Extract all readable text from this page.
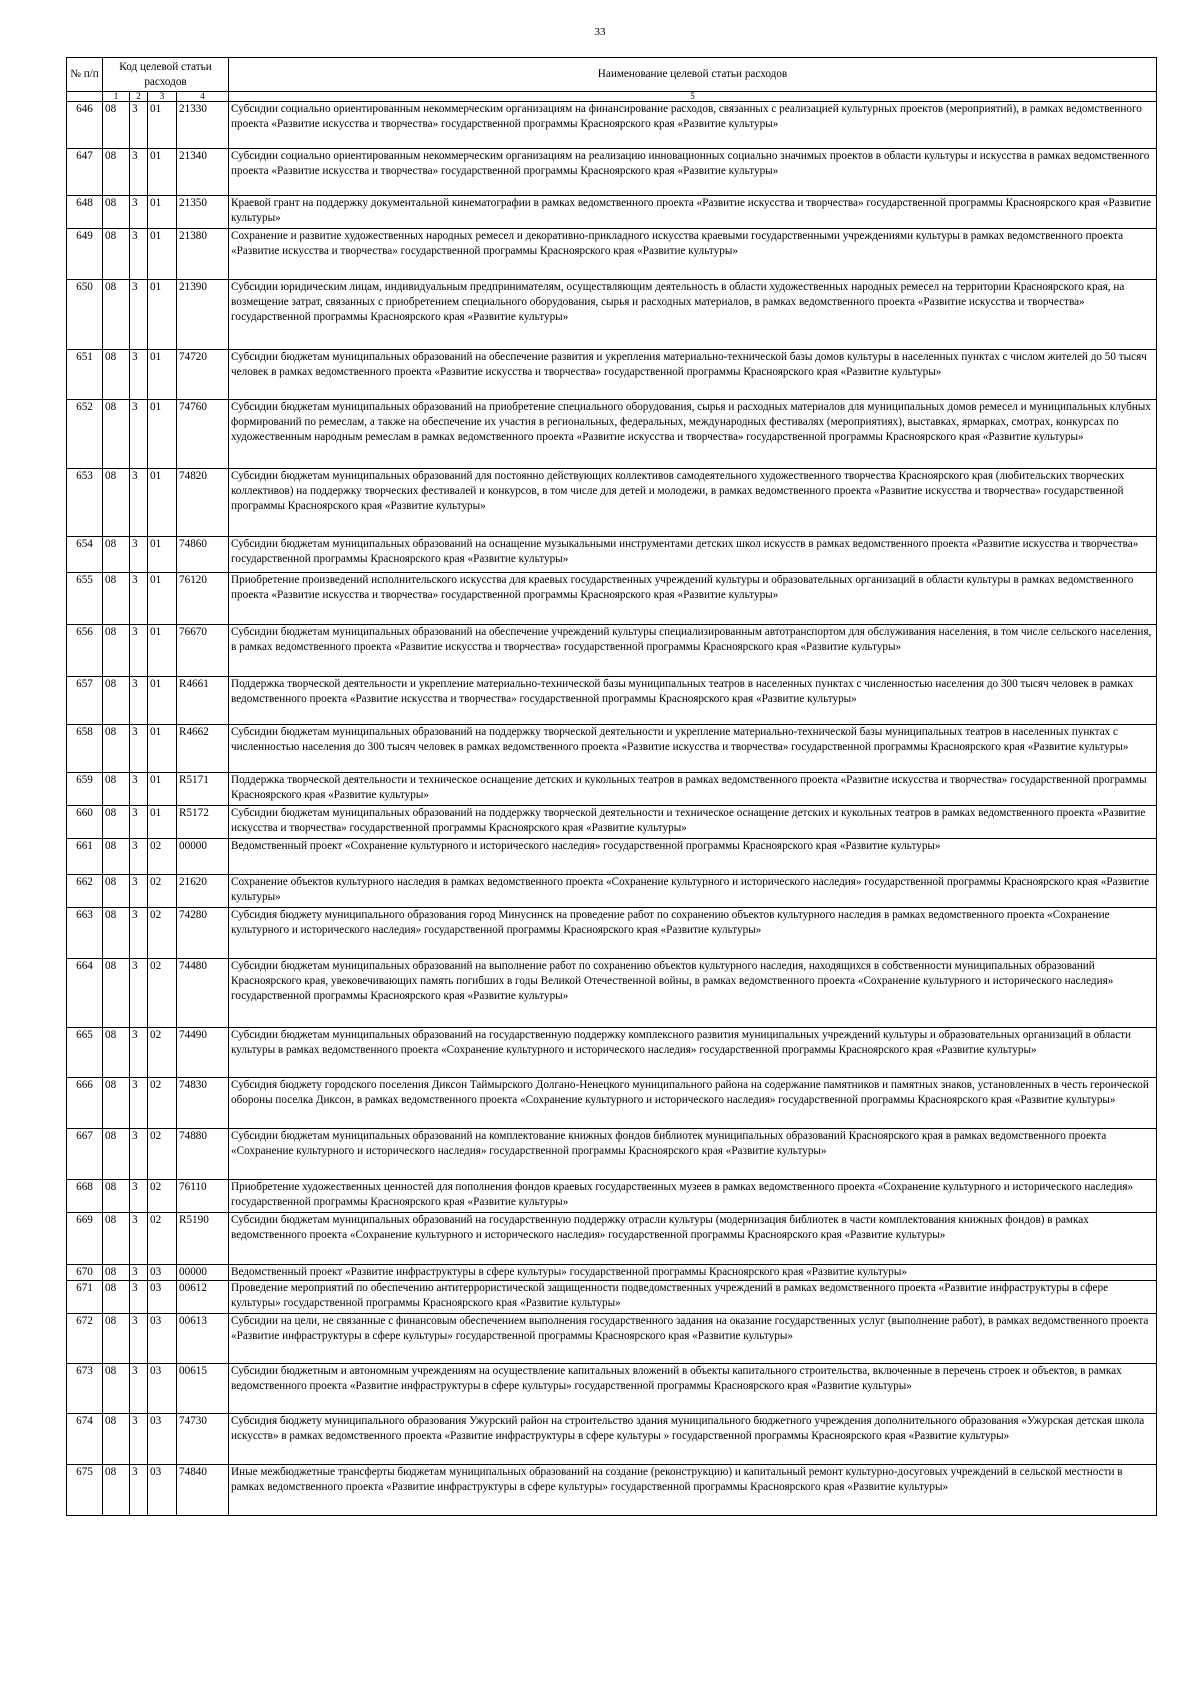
33
№ п/п	Код целевой статьи расходов				Наименование целевой статьи расходов

	1	2	3	4	5
646	08	3	01	21330	Субсидии социально ориентированным некоммерческим организациям на финансирование расходов, связанных с реализацией культурных проектов (мероприятий), в рамках ведомственного проекта «Развитие искусства и творчества» государственной программы Красноярского края «Развитие культуры»
647	08	3	01	21340	Субсидии социально ориентированным некоммерческим организациям на реализацию инновационных социально значимых проектов в области культуры и искусства в рамках ведомственного проекта «Развитие искусства и творчества» государственной программы Красноярского края «Развитие культуры»
648	08	3	01	21350	Краевой грант на поддержку документальной кинематографии в рамках ведомственного проекта «Развитие искусства и творчества» государственной программы Красноярского края «Развитие культуры»
649	08	3	01	21380	Сохранение и развитие художественных народных ремесел и декоративно-прикладного искусства краевыми государственными учреждениями культуры в рамках ведомственного проекта «Развитие искусства и творчества» государственной программы Красноярского края «Развитие культуры»
650	08	3	01	21390	Субсидии юридическим лицам, индивидуальным предпринимателям, осуществляющим деятельность в области художественных народных ремесел на территории Красноярского края, на возмещение затрат, связанных с приобретением специального оборудования, сырья и расходных материалов, в рамках ведомственного проекта «Развитие искусства и творчества» государственной программы Красноярского края «Развитие культуры»
651	08	3	01	74720	Субсидии бюджетам муниципальных образований на обеспечение развития и укрепления материально-технической базы домов культуры в населенных пунктах с числом жителей до 50 тысяч человек в рамках ведомственного проекта «Развитие искусства и творчества» государственной программы Красноярского края «Развитие культуры»
652	08	3	01	74760	Субсидии бюджетам муниципальных образований на приобретение специального оборудования, сырья и расходных материалов для муниципальных домов ремесел и муниципальных клубных формирований по ремеслам, а также на обеспечение их участия в региональных, федеральных, международных фестивалях (мероприятиях), выставках, ярмарках, смотрах, конкурсах по художественным народным ремеслам в рамках ведомственного проекта «Развитие искусства и творчества» государственной программы Красноярского края «Развитие культуры»
653	08	3	01	74820	Субсидии бюджетам муниципальных образований для постоянно действующих коллективов самодеятельного художественного творчества Красноярского края (любительских творческих коллективов) на поддержку творческих фестивалей и конкурсов, в том числе для детей и молодежи, в рамках ведомственного проекта «Развитие искусства и творчества» государственной программы Красноярского края «Развитие культуры»
654	08	3	01	74860	Субсидии бюджетам муниципальных образований на оснащение музыкальными инструментами детских школ искусств в рамках ведомственного проекта «Развитие искусства и творчества» государственной программы Красноярского края «Развитие культуры»
655	08	3	01	76120	Приобретение произведений исполнительского искусства для краевых государственных учреждений культуры и образовательных организаций в области культуры в рамках ведомственного проекта «Развитие искусства и творчества» государственной программы Красноярского края «Развитие культуры»
656	08	3	01	76670	Субсидии бюджетам муниципальных образований на обеспечение учреждений культуры специализированным автотранспортом для обслуживания населения, в том числе сельского населения, в рамках ведомственного проекта «Развитие искусства и творчества» государственной программы Красноярского края «Развитие культуры»
657	08	3	01	R4661	Поддержка творческой деятельности и укрепление материально-технической базы муниципальных театров в населенных пунктах с численностью населения до 300 тысяч человек в рамках ведомственного проекта «Развитие искусства и творчества» государственной программы Красноярского края «Развитие культуры»
658	08	3	01	R4662	Субсидии бюджетам муниципальных образований на поддержку творческой деятельности и укрепление материально-технической базы муниципальных театров в населенных пунктах с численностью населения до 300 тысяч человек в рамках ведомственного проекта «Развитие искусства и творчества» государственной программы Красноярского края «Развитие культуры»
659	08	3	01	R5171	Поддержка творческой деятельности и техническое оснащение детских и кукольных театров в рамках ведомственного проекта «Развитие искусства и творчества» государственной программы Красноярского края «Развитие культуры»
660	08	3	01	R5172	Субсидии бюджетам муниципальных образований на поддержку творческой деятельности и техническое оснащение детских и кукольных театров в рамках ведомственного проекта «Развитие искусства и творчества» государственной программы Красноярского края «Развитие культуры»
661	08	3	02	00000	Ведомственный проект «Сохранение культурного и исторического наследия» государственной программы Красноярского края «Развитие культуры»
662	08	3	02	21620	Сохранение объектов культурного наследия в рамках ведомственного проекта «Сохранение культурного и исторического наследия» государственной программы Красноярского края «Развитие культуры»
663	08	3	02	74280	Субсидия бюджету муниципального образования город Минусинск на проведение работ по сохранению объектов культурного наследия в рамках ведомственного проекта «Сохранение культурного и исторического наследия» государственной программы Красноярского края «Развитие культуры»
664	08	3	02	74480	Субсидии бюджетам муниципальных образований на выполнение работ по сохранению объектов культурного наследия, находящихся в собственности муниципальных образований Красноярского края, увековечивающих память погибших в годы Великой Отечественной войны, в рамках ведомственного проекта «Сохранение культурного и исторического наследия» государственной программы Красноярского края «Развитие культуры»
665	08	3	02	74490	Субсидии бюджетам муниципальных образований на государственную поддержку комплексного развития муниципальных учреждений культуры и образовательных организаций в области культуры в рамках ведомственного проекта «Сохранение культурного и исторического наследия» государственной программы Красноярского края «Развитие культуры»
666	08	3	02	74830	Субсидия бюджету городского поселения Диксон Таймырского Долгано-Ненецкого муниципального района на содержание памятников и памятных знаков, установленных в честь героической обороны поселка Диксон, в рамках ведомственного проекта «Сохранение культурного и исторического наследия» государственной программы Красноярского края «Развитие культуры»
667	08	3	02	74880	Субсидии бюджетам муниципальных образований на комплектование книжных фондов библиотек муниципальных образований Красноярского края в рамках ведомственного проекта «Сохранение культурного и исторического наследия» государственной программы Красноярского края «Развитие культуры»
668	08	3	02	76110	Приобретение художественных ценностей для пополнения фондов краевых государственных музеев в рамках ведомственного проекта «Сохранение культурного и исторического наследия» государственной программы Красноярского края «Развитие культуры»
669	08	3	02	R5190	Субсидии бюджетам муниципальных образований на государственную поддержку отрасли культуры (модернизация библиотек в части комплектования книжных фондов) в рамках ведомственного проекта «Сохранение культурного и исторического наследия» государственной программы Красноярского края «Развитие культуры»
670	08	3	03	00000	Ведомственный проект «Развитие инфраструктуры в сфере культуры» государственной программы Красноярского края «Развитие культуры»
671	08	3	03	00612	Проведение мероприятий по обеспечению антитеррористической защищенности подведомственных учреждений в рамках ведомственного проекта «Развитие инфраструктуры в сфере культуры» государственной программы Красноярского края «Развитие культуры»
672	08	3	03	00613	Субсидии на цели, не связанные с финансовым обеспечением выполнения государственного задания на оказание государственных услуг (выполнение работ), в рамках ведомственного проекта «Развитие инфраструктуры в сфере культуры» государственной программы Красноярского края «Развитие культуры»
673	08	3	03	00615	Субсидии бюджетным и автономным учреждениям на осуществление капитальных вложений в объекты капитального строительства, включенные в перечень строек и объектов, в рамках ведомственного проекта «Развитие инфраструктуры в сфере культуры» государственной программы Красноярского края «Развитие культуры»
674	08	3	03	74730	Субсидия бюджету муниципального образования Ужурский район на строительство здания муниципального бюджетного учреждения дополнительного образования «Ужурская детская школа искусств» в рамках ведомственного проекта «Развитие инфраструктуры в сфере культуры » государственной программы Красноярского края «Развитие культуры»
675	08	3	03	74840	Иные межбюджетные трансферты бюджетам муниципальных образований на создание (реконструкцию) и капитальный ремонт культурно-досуговых учреждений в сельской местности в рамках ведомственного проекта «Развитие инфраструктуры в сфере культуры» государственной программы Красноярского края «Развитие культуры»
